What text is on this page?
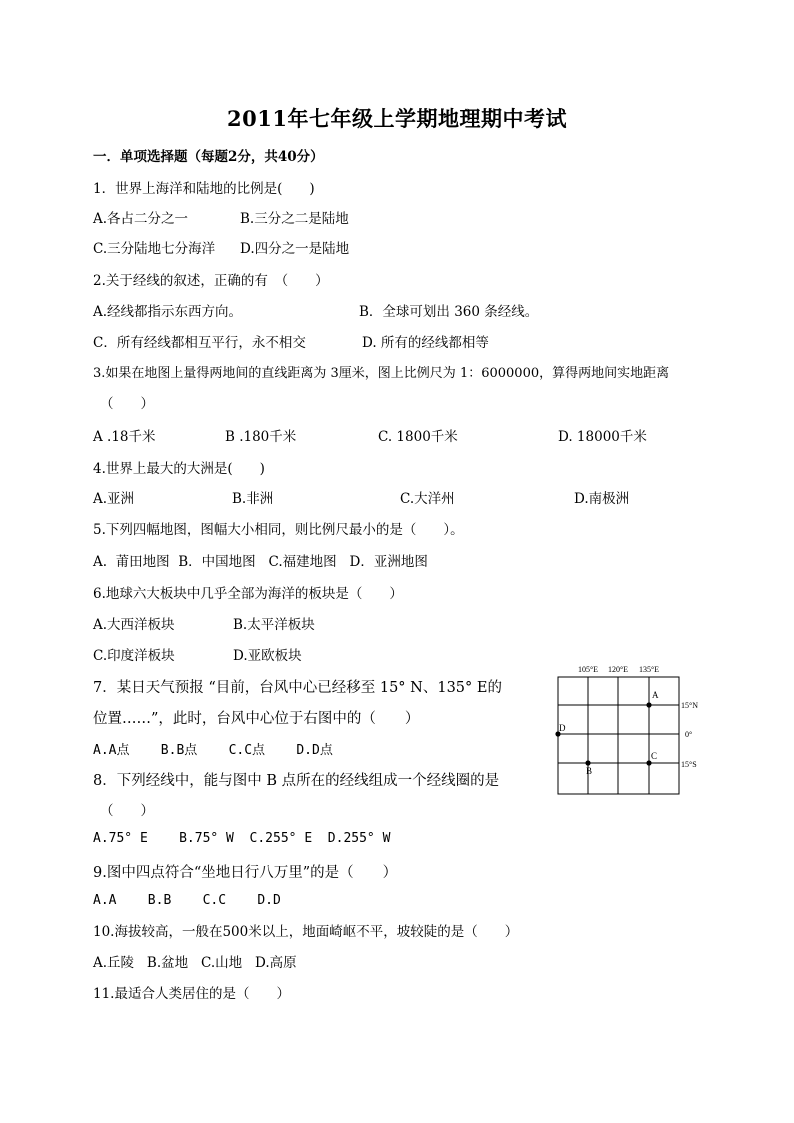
2011年七年级上学期地理期中考试
一．单项选择题（每题2分，共40分）
1．世界上海洋和陆地的比例是(　　)
A.各占二分之一	B.三分之二是陆地
C.三分陆地七分海洋 D.四分之一是陆地
2.关于经线的叙述，正确的有　（　　）
A.经线都指示东西方向。	B．全球可划出 360 条经线。
C．所有经线都相互平行，永不相交	D. 所有的经线都相等
3.如果在地图上量得两地间的直线距离为 3厘米，图上比例尺为 1：6000000，算得两地间实地距离
（　　）
A .18千米	B .180千米	C. 1800千米	D. 18000千米
4.世界上最大的大洲是(　　)
A.亚洲	B.非洲	C.大洋州	D.南极洲
5.下列四幅地图，图幅大小相同，则比例尺最小的是（　　）。
A.  莆田地图  B．中国地图   C.福建地图   D．亚洲地图
6.地球六大板块中几乎全部为海洋的板块是（　　）
A.大西洋板块	B.太平洋板块
C.印度洋板块	D.亚欧板块
7．某日天气预报 “目前，台风中心已经移至 15° N、135° E的
位置……”，此时，台风中心位于右图中的（　　）
A.A点    B.B点    C.C点    D.D点
8．下列经线中，能与图中 B 点所在的经线组成一个经线圈的是
（　　）
A.75° E    B.75° W  C.255° E  D.255° W
9.图中四点符合“坐地日行八万里”的是（　　）
A.A    B.B    C.C    D.D
10.海拔较高，一般在500米以上，地面崎岖不平，坡较陡的是（　　）
A.丘陵   B.盆地   C.山地   D.高原
11.最适合人类居住的是（　　）
105°E 120°E 135°E
15°N
0°
15°S
A
B
C
D
